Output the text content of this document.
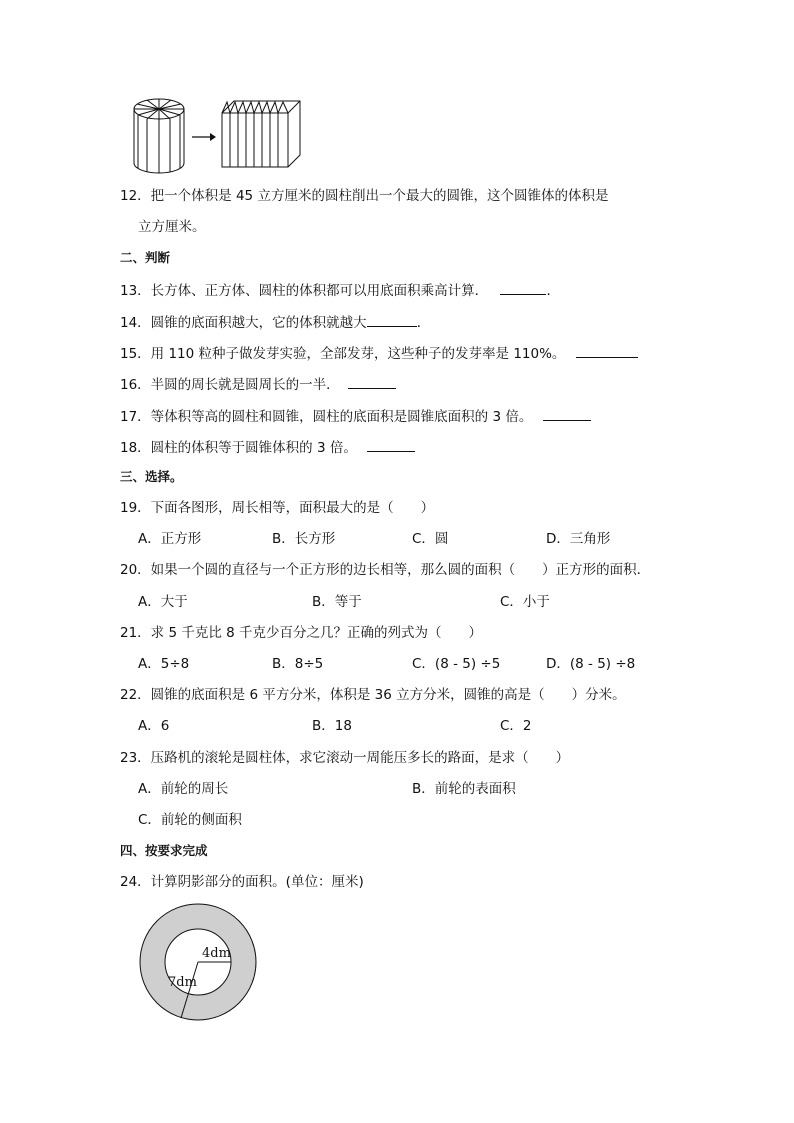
12．把一个体积是 45 立方厘米的圆柱削出一个最大的圆锥，这个圆锥体的体积是
立方厘米。
二、判断
13．长方体、正方体、圆柱的体积都可以用底面积乘高计算．	．
14．圆锥的底面积越大，它的体积就越大	．
15．用 110 粒种子做发芽实验，全部发芽，这些种子的发芽率是 110%。
16．半圆的周长就是圆周长的一半．
17．等体积等高的圆柱和圆锥，圆柱的底面积是圆锥底面积的 3 倍。
18．圆柱的体积等于圆锥体积的 3 倍。
三、选择。
19．下面各图形，周长相等，面积最大的是（　　）
A．正方形	B．长方形	C．圆	D．三角形
20．如果一个圆的直径与一个正方形的边长相等，那么圆的面积（　　）正方形的面积．
A．大于	B．等于	C．小于
21．求 5 千克比 8 千克少百分之几？正确的列式为（　　）
A．5÷8	B．8÷5	C．(8 - 5) ÷5	D．(8 - 5) ÷8
22．圆锥的底面积是 6 平方分米，体积是 36 立方分米，圆锥的高是（　　）分米。
A．6	B．18	C．2
23．压路机的滚轮是圆柱体，求它滚动一周能压多长的路面，是求（　　）
A．前轮的周长	B．前轮的表面积
C．前轮的侧面积
四、按要求完成
24．计算阴影部分的面积。(单位：厘米)
4dm
7dm
